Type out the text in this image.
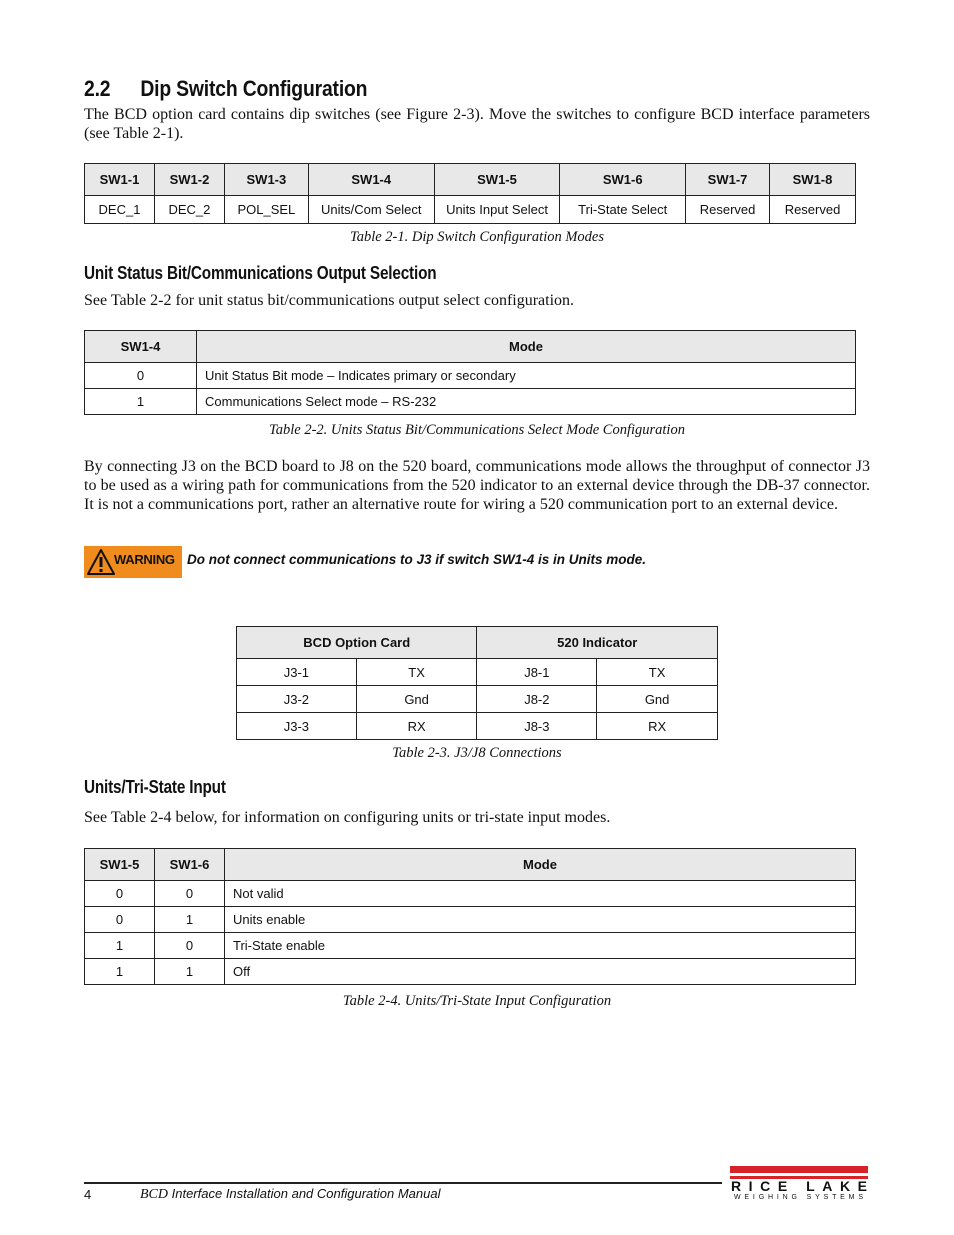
2.2 Dip Switch Configuration

The BCD option card contains dip switches (see Figure 2-3). Move the switches to configure BCD interface parameters (see Table 2-1).

SW1-1	SW1-2	SW1-3	SW1-4	SW1-5	SW1-6	SW1-7	SW1-8
DEC_1	DEC_2	POL_SEL	Units/Com Select	Units Input Select	Tri-State Select	Reserved	Reserved
Table 2-1. Dip Switch Configuration Modes
Unit Status Bit/Communications Output Selection

See Table 2-2 for unit status bit/communications output select configuration.

SW1-4	Mode
0	Unit Status Bit mode – Indicates primary or secondary
1	Communications Select mode – RS-232
Table 2-2. Units Status Bit/Communications Select Mode Configuration

By connecting J3 on the BCD board to J8 on the 520 board, communications mode allows the throughput of connector J3 to be used as a wiring path for communications from the 520 indicator to an external device through the DB-37 connector. It is not a communications port, rather an alternative route for wiring a 520 communication port to an external device.

WARNING Do not connect communications to J3 if switch SW1-4 is in Units mode.
BCD Option Card		520 Indicator	
J3-1	TX	J8-1	TX
J3-2	Gnd	J8-2	Gnd
J3-3	RX	J8-3	RX
Table 2-3. J3/J8 Connections
Units/Tri-State Input

See Table 2-4 below, for information on configuring units or tri-state input modes.

SW1-5	SW1-6	Mode
0	0	Not valid
0	1	Units enable
1	0	Tri-State enable
1	1	Off
Table 2-4. Units/Tri-State Input Configuration
4	BCD Interface Installation and Configuration Manual	RICE LAKE
WEIGHING SYSTEMS
